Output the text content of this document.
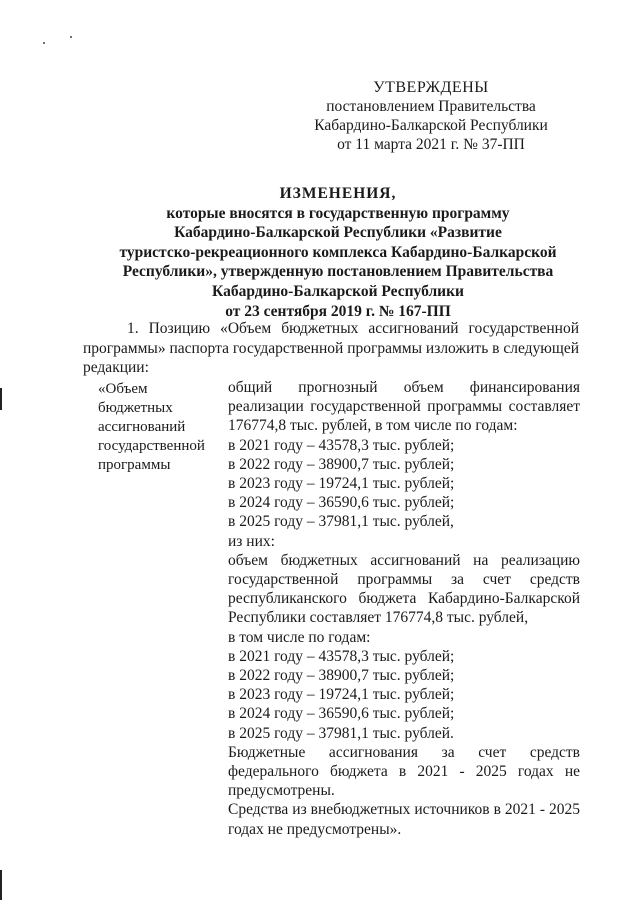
УТВЕРЖДЕНЫ
постановлением Правительства
Кабардино-Балкарской Республики
от 11 марта 2021 г. № 37-ПП
ИЗМЕНЕНИЯ,
которые вносятся в государственную программу
Кабардино-Балкарской Республики «Развитие
туристско-рекреационного комплекса Кабардино-Балкарской
Республики», утвержденную постановлением Правительства
Кабардино-Балкарской Республики
от 23 сентября 2019 г. № 167-ПП
1. Позицию «Объем бюджетных ассигнований государственной программы» паспорта государственной программы изложить в следующей редакции:
«Объем
бюджетных
ассигнований
государственной
программы
общий прогнозный объем финансирования реализации государственной программы составляет 176774,8 тыс. рублей, в том числе по годам:
в 2021 году – 43578,3 тыс. рублей;
в 2022 году – 38900,7 тыс. рублей;
в 2023 году – 19724,1 тыс. рублей;
в 2024 году – 36590,6 тыс. рублей;
в 2025 году – 37981,1 тыс. рублей,
из них:
объем бюджетных ассигнований на реализацию государственной программы за счет средств республиканского бюджета Кабардино-Балкарской Республики составляет 176774,8 тыс. рублей,
в том числе по годам:
в 2021 году – 43578,3 тыс. рублей;
в 2022 году – 38900,7 тыс. рублей;
в 2023 году – 19724,1 тыс. рублей;
в 2024 году – 36590,6 тыс. рублей;
в 2025 году – 37981,1 тыс. рублей.
Бюджетные ассигнования за счет средств федерального бюджета в 2021 - 2025 годах не предусмотрены.
Средства из внебюджетных источников в 2021 - 2025 годах не предусмотрены».
